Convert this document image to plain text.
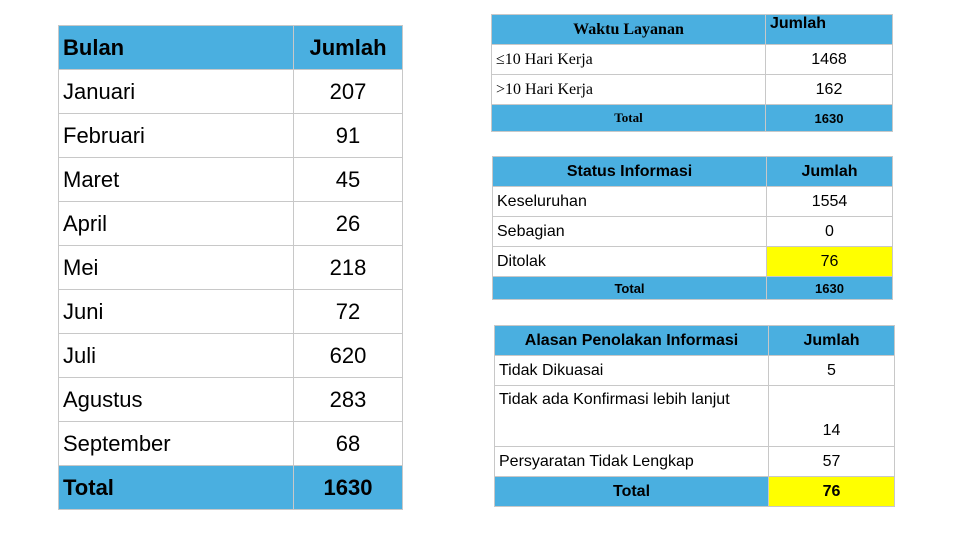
Bulan	Jumlah
Januari	207
Februari	91
Maret	45
April	26
Mei	218
Juni	72
Juli	620
Agustus	283
September	68
Total	1630
Waktu Layanan	Jumlah
≤10 Hari Kerja	1468
>10 Hari Kerja	162
Total	1630
Status Informasi	Jumlah
Keseluruhan	1554
Sebagian	0
Ditolak	76
Total	1630
Alasan Penolakan Informasi	Jumlah
Tidak Dikuasai	5
Tidak ada Konfirmasi lebih lanjut	14
Persyaratan Tidak Lengkap	57
Total	76
